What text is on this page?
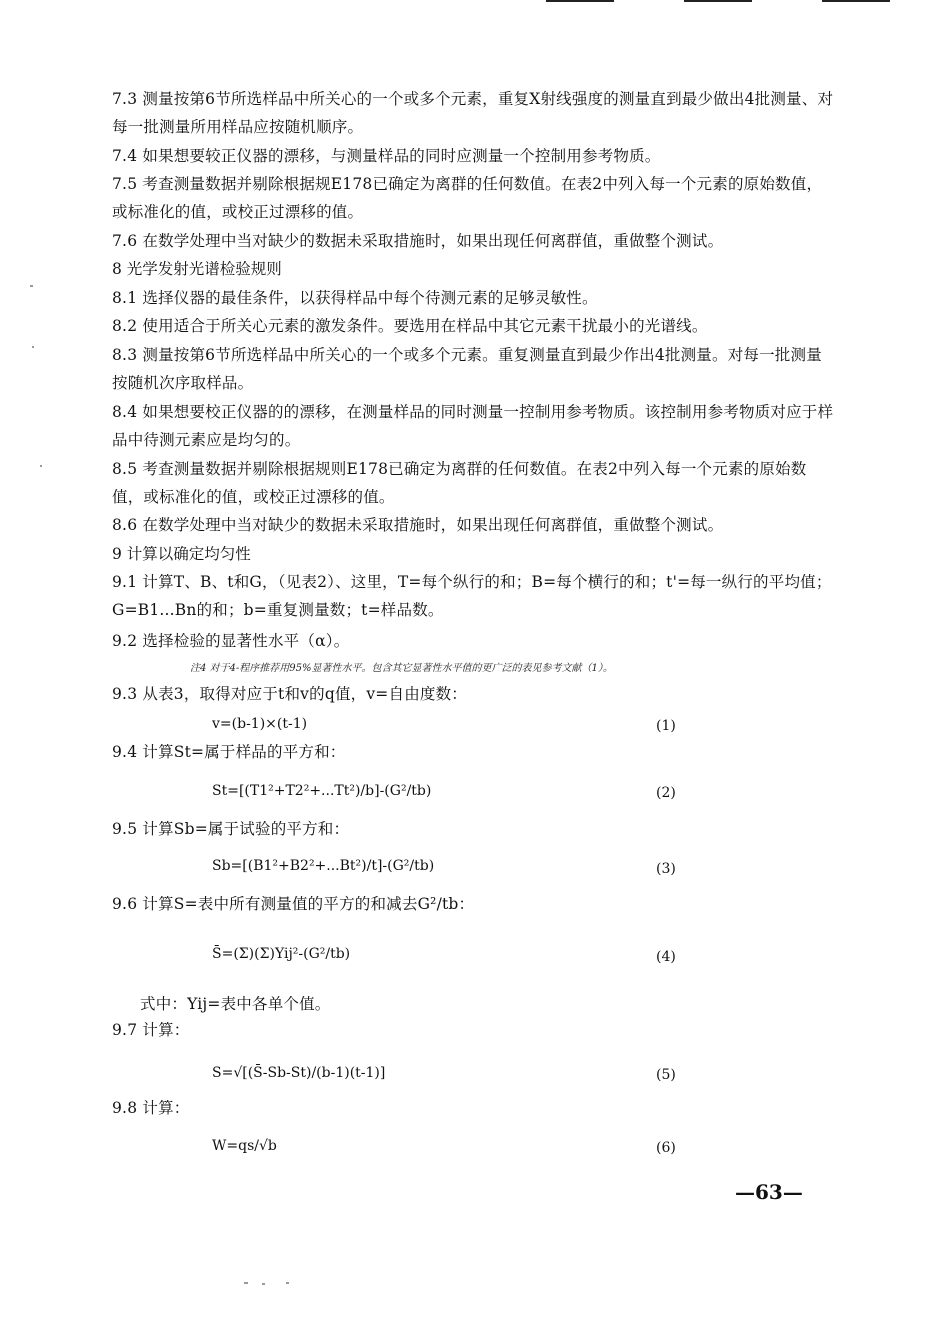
7.3 测量按第6节所选样品中所关心的一个或多个元素，重复X射线强度的测量直到最少做出4批测量、对每一批测量所用样品应按随机顺序。
7.4 如果想要较正仪器的漂移，与测量样品的同时应测量一个控制用参考物质。
7.5 考查测量数据并剔除根据规E178已确定为离群的任何数值。在表2中列入每一个元素的原始数值，或标准化的值，或校正过漂移的值。
7.6 在数学处理中当对缺少的数据未采取措施时，如果出现任何离群值，重做整个测试。
8 光学发射光谱检验规则
8.1 选择仪器的最佳条件，以获得样品中每个待测元素的足够灵敏性。
8.2 使用适合于所关心元素的激发条件。要选用在样品中其它元素干扰最小的光谱线。
8.3 测量按第6节所选样品中所关心的一个或多个元素。重复测量直到最少作出4批测量。对每一批测量按随机次序取样品。
8.4 如果想要校正仪器的的漂移，在测量样品的同时测量一控制用参考物质。该控制用参考物质对应于样品中待测元素应是均匀的。
8.5 考查测量数据并剔除根据规则E178已确定为离群的任何数值。在表2中列入每一个元素的原始数值，或标准化的值，或校正过漂移的值。
8.6 在数学处理中当对缺少的数据未采取措施时，如果出现任何离群值，重做整个测试。
9 计算以确定均匀性
9.1 计算T、B、t和G，（见表2）、这里，T=每个纵行的和；B=每个横行的和；t'=每一纵行的平均值；G=B1...Bn的和；b=重复测量数；t=样品数。
9.2 选择检验的显著性水平（α）。
注4 对于4-程序推荐用95%显著性水平。包含其它显著性水平值的更广泛的表见参考文献（1）。
9.3 从表3，取得对应于t和v的q值，v=自由度数：
v=(b-1)×(t-1)	(1)
9.4 计算St=属于样品的平方和：
St=[(T1²+T2²+...Tt²)/b]-(G²/tb)	(2)
9.5 计算Sb=属于试验的平方和：
Sb=[(B1²+B2²+...Bt²)/t]-(G²/tb)	(3)
9.6 计算S=表中所有测量值的平方的和减去G²/tb：
S̄=(Σ)(Σ)Yij²-(G²/tb)	(4)
式中：Yij=表中各单个值。
9.7 计算：
S=√[(S̄-Sb-St)/(b-1)(t-1)]	(5)
9.8 计算：
W=qs/√b	(6)
—63—
